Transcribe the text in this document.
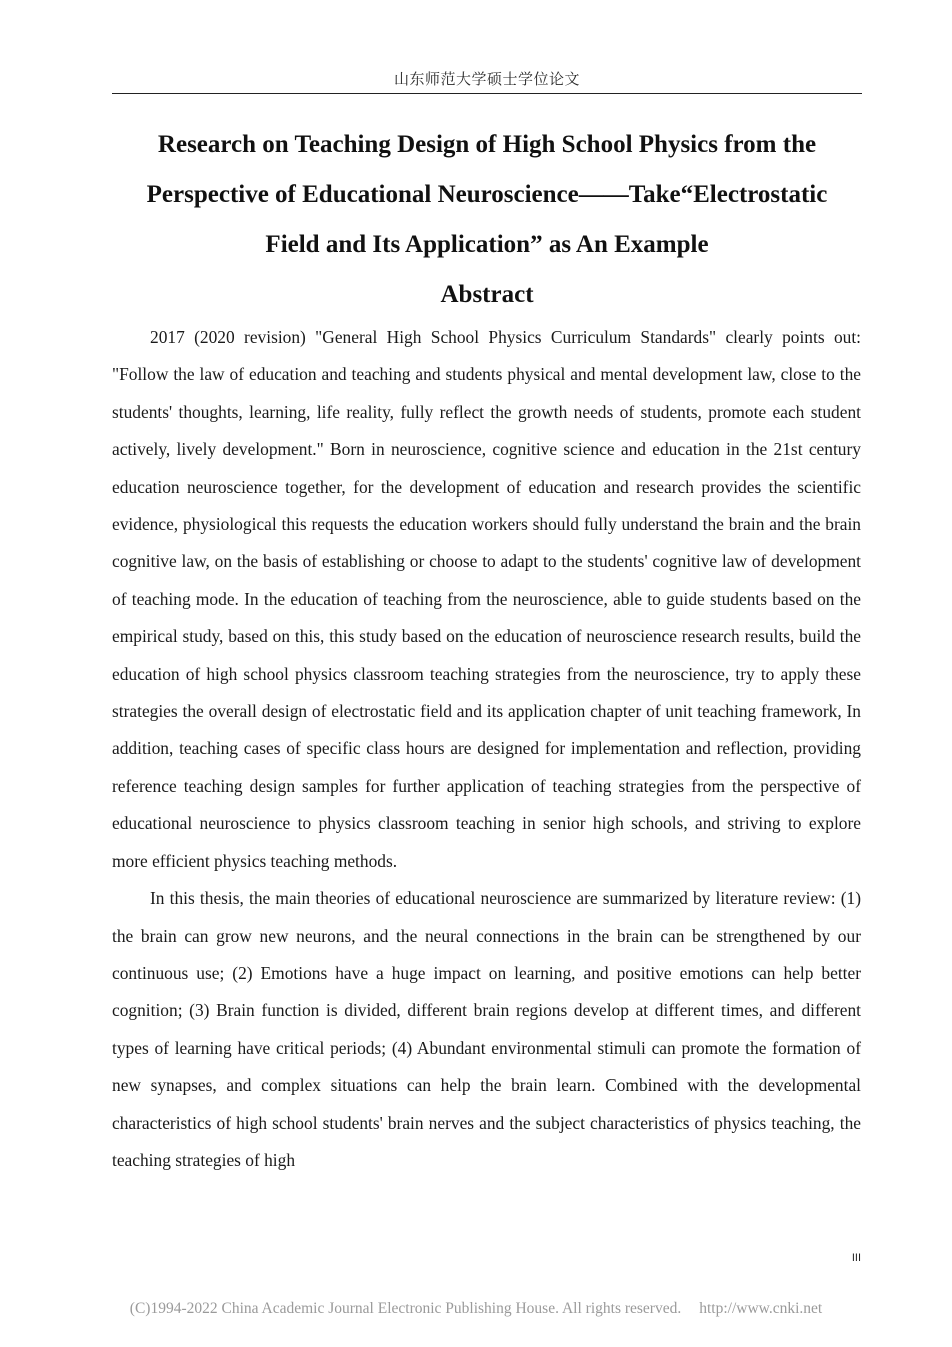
山东师范大学硕士学位论文
Research on Teaching Design of High School Physics from the
Perspective of Educational Neuroscience——Take“Electrostatic
Field and Its Application” as An Example
Abstract

2017 (2020 revision) "General High School Physics Curriculum Standards" clearly points out: "Follow the law of education and teaching and students physical and mental development law, close to the students' thoughts, learning, life reality, fully reflect the growth needs of students, promote each student actively, lively development." Born in neuroscience, cognitive science and education in the 21st century education neuroscience together, for the development of education and research provides the scientific evidence, physiological this requests the education workers should fully understand the brain and the brain cognitive law, on the basis of establishing or choose to adapt to the students' cognitive law of development of teaching mode. In the education of teaching from the neuroscience, able to guide students based on the empirical study, based on this, this study based on the education of neuroscience research results, build the education of high school physics classroom teaching strategies from the neuroscience, try to apply these strategies the overall design of electrostatic field and its application chapter of unit teaching framework, In addition, teaching cases of specific class hours are designed for implementation and reflection, providing reference teaching design samples for further application of teaching strategies from the perspective of educational neuroscience to physics classroom teaching in senior high schools, and striving to explore more efficient physics teaching methods.

In this thesis, the main theories of educational neuroscience are summarized by literature review: (1) the brain can grow new neurons, and the neural connections in the brain can be strengthened by our continuous use; (2) Emotions have a huge impact on learning, and positive emotions can help better cognition; (3) Brain function is divided, different brain regions develop at different times, and different types of learning have critical periods; (4) Abundant environmental stimuli can promote the formation of new synapses, and complex situations can help the brain learn. Combined with the developmental characteristics of high school students' brain nerves and the subject characteristics of physics teaching, the teaching strategies of high

III
(C)1994-2022 China Academic Journal Electronic Publishing House. All rights reserved. http://www.cnki.net
